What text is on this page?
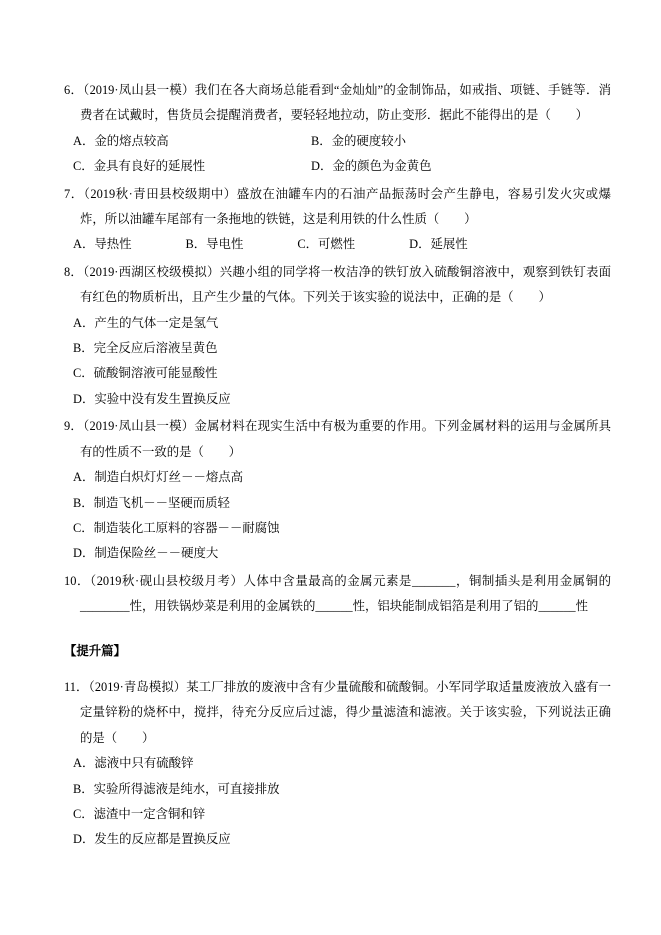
6．（2019·凤山县一模）我们在各大商场总能看到“金灿灿”的金制饰品，如戒指、项链、手链等．消费者在试戴时，售货员会提醒消费者，要轻轻地拉动，防止变形．据此不能得出的是（　　）

A．金的熔点较高	B．金的硬度较小
C．金具有良好的延展性	D．金的颜色为金黄色

7．（2019秋·青田县校级期中）盛放在油罐车内的石油产品振荡时会产生静电，容易引发火灾或爆炸，所以油罐车尾部有一条拖地的铁链，这是利用铁的什么性质（　　）

A．导热性	B．导电性	C．可燃性	D．延展性

8．（2019·西湖区校级模拟）兴趣小组的同学将一枚洁净的铁钉放入硫酸铜溶液中，观察到铁钉表面有红色的物质析出，且产生少量的气体。下列关于该实验的说法中，正确的是（　　）

A．产生的气体一定是氢气
B．完全反应后溶液呈黄色
C．硫酸铜溶液可能显酸性
D．实验中没有发生置换反应

9．（2019·凤山县一模）金属材料在现实生活中有极为重要的作用。下列金属材料的运用与金属所具有的性质不一致的是（　　）

A．制造白炽灯灯丝－－熔点高
B．制造飞机－－坚硬而质轻
C．制造装化工原料的容器－－耐腐蚀
D．制造保险丝－－硬度大

10．（2019秋·砚山县校级月考）人体中含量最高的金属元素是_______，铜制插头是利用金属铜的________性，用铁锅炒菜是利用的金属铁的______性，铝块能制成铝箔是利用了铝的______性

【提升篇】

11．（2019·青岛模拟）某工厂排放的废液中含有少量硫酸和硫酸铜。小军同学取适量废液放入盛有一定量锌粉的烧杯中，搅拌，待充分反应后过滤，得少量滤渣和滤液。关于该实验，下列说法正确的是（　　）

A．滤液中只有硫酸锌
B．实验所得滤液是纯水，可直接排放
C．滤渣中一定含铜和锌
D．发生的反应都是置换反应
